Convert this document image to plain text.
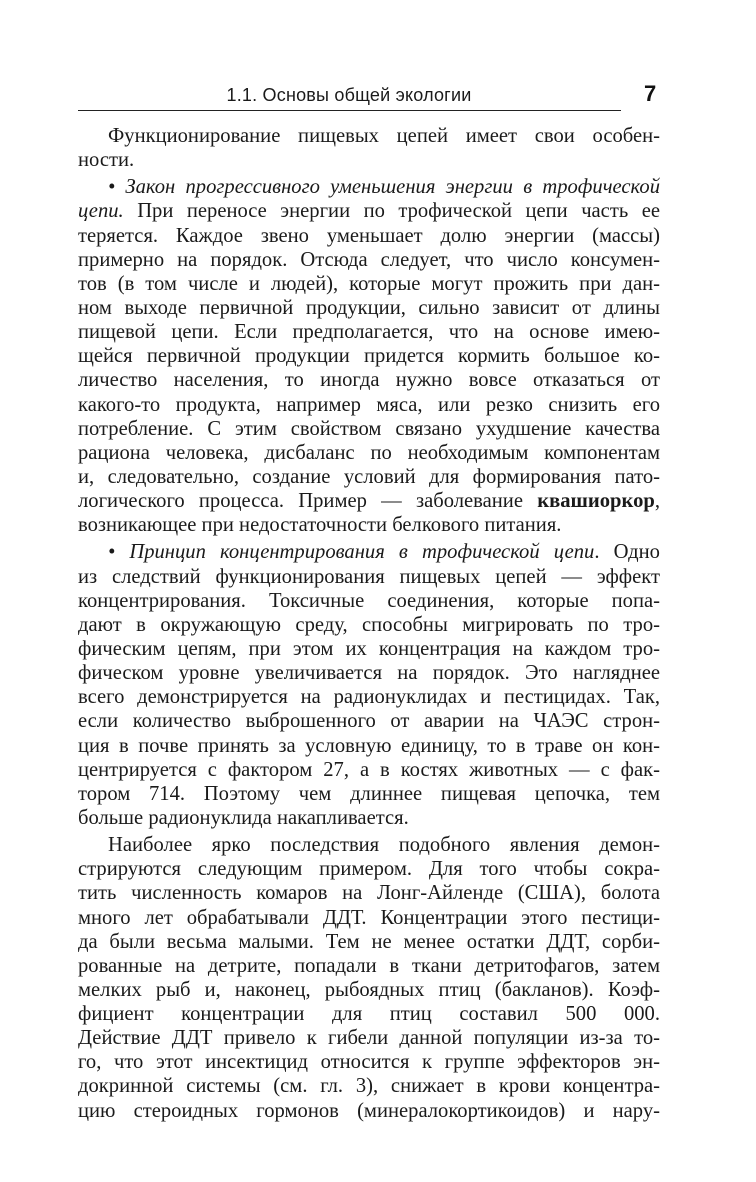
1.1. Основы общей экологии	7
Функционирование пищевых цепей имеет свои особен-
ности.
• Закон прогрессивного уменьшения энергии в трофической
цепи. При переносе энергии по трофической цепи часть ее
теряется. Каждое звено уменьшает долю энергии (массы)
примерно на порядок. Отсюда следует, что число консумен-
тов (в том числе и людей), которые могут прожить при дан-
ном выходе первичной продукции, сильно зависит от длины
пищевой цепи. Если предполагается, что на основе имею-
щейся первичной продукции придется кормить большое ко-
личество населения, то иногда нужно вовсе отказаться от
какого-то продукта, например мяса, или резко снизить его
потребление. С этим свойством связано ухудшение качества
рациона человека, дисбаланс по необходимым компонентам
и, следовательно, создание условий для формирования пато-
логического процесса. Пример — заболевание квашиоркор,
возникающее при недостаточности белкового питания.
• Принцип концентрирования в трофической цепи. Одно
из следствий функционирования пищевых цепей — эффект
концентрирования. Токсичные соединения, которые попа-
дают в окружающую среду, способны мигрировать по тро-
фическим цепям, при этом их концентрация на каждом тро-
фическом уровне увеличивается на порядок. Это нагляднее
всего демонстрируется на радионуклидах и пестицидах. Так,
если количество выброшенного от аварии на ЧАЭС строн-
ция в почве принять за условную единицу, то в траве он кон-
центрируется с фактором 27, а в костях животных — с фак-
тором 714. Поэтому чем длиннее пищевая цепочка, тем
больше радионуклида накапливается.
Наиболее ярко последствия подобного явления демон-
стрируются следующим примером. Для того чтобы сокра-
тить численность комаров на Лонг-Айленде (США), болота
много лет обрабатывали ДДТ. Концентрации этого пестици-
да были весьма малыми. Тем не менее остатки ДДТ, сорби-
рованные на детрите, попадали в ткани детритофагов, затем
мелких рыб и, наконец, рыбоядных птиц (бакланов). Коэф-
фициент концентрации для птиц составил 500 000.
Действие ДДТ привело к гибели данной популяции из-за то-
го, что этот инсектицид относится к группе эффекторов эн-
докринной системы (см. гл. 3), снижает в крови концентра-
цию стероидных гормонов (минералокортикоидов) и нару-
